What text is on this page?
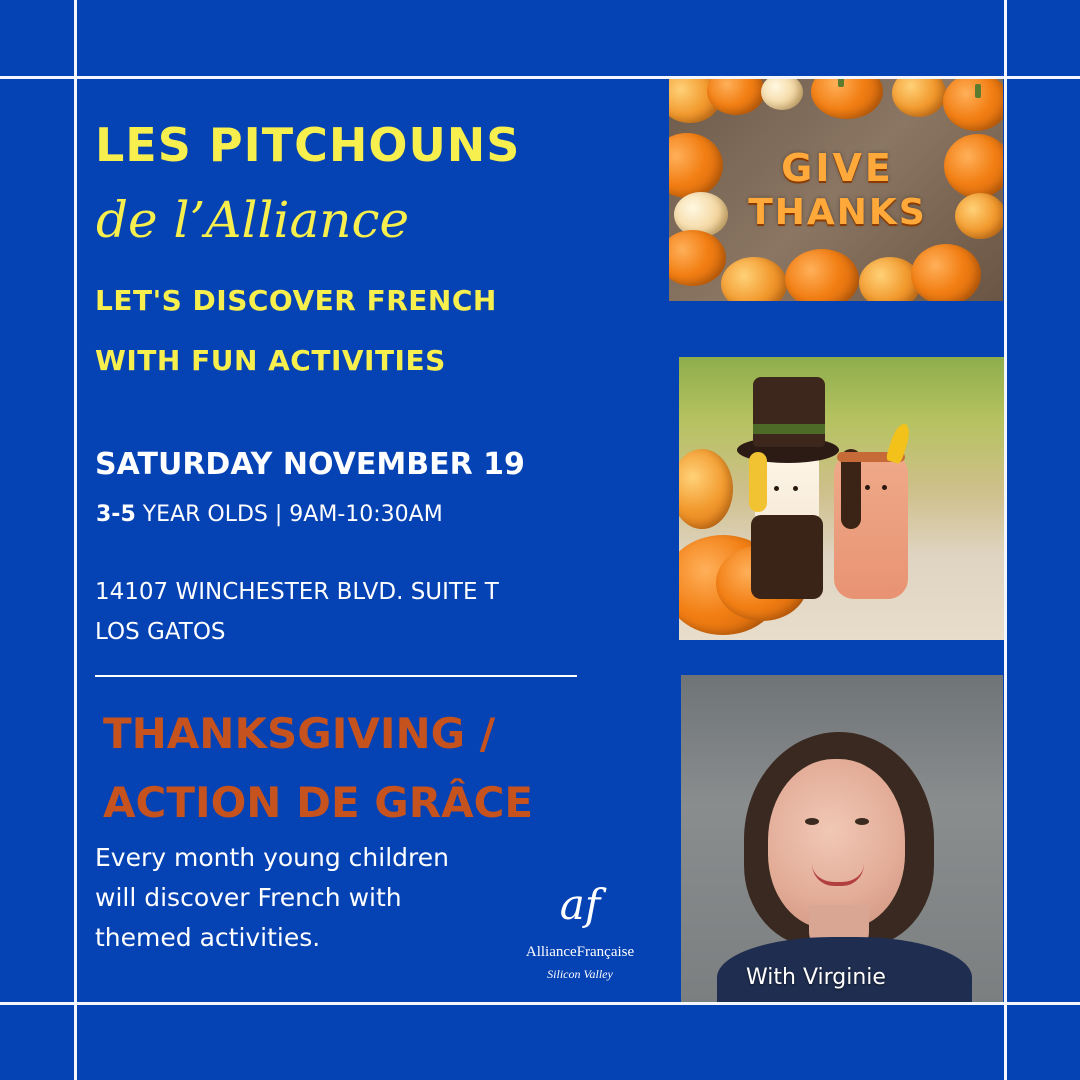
LES PITCHOUNS
de l’Alliance
LET'S DISCOVER FRENCH
WITH FUN ACTIVITIES
SATURDAY NOVEMBER 19
3-5 YEAR OLDS | 9AM-10:30AM
14107 WINCHESTER BLVD. SUITE T
LOS GATOS
THANKSGIVING /
ACTION DE GRÂCE
Every month young children
will discover French with
themed activities.
af
AllianceFrançaise
Silicon Valley
GIVE
THANKS
With Virginie
